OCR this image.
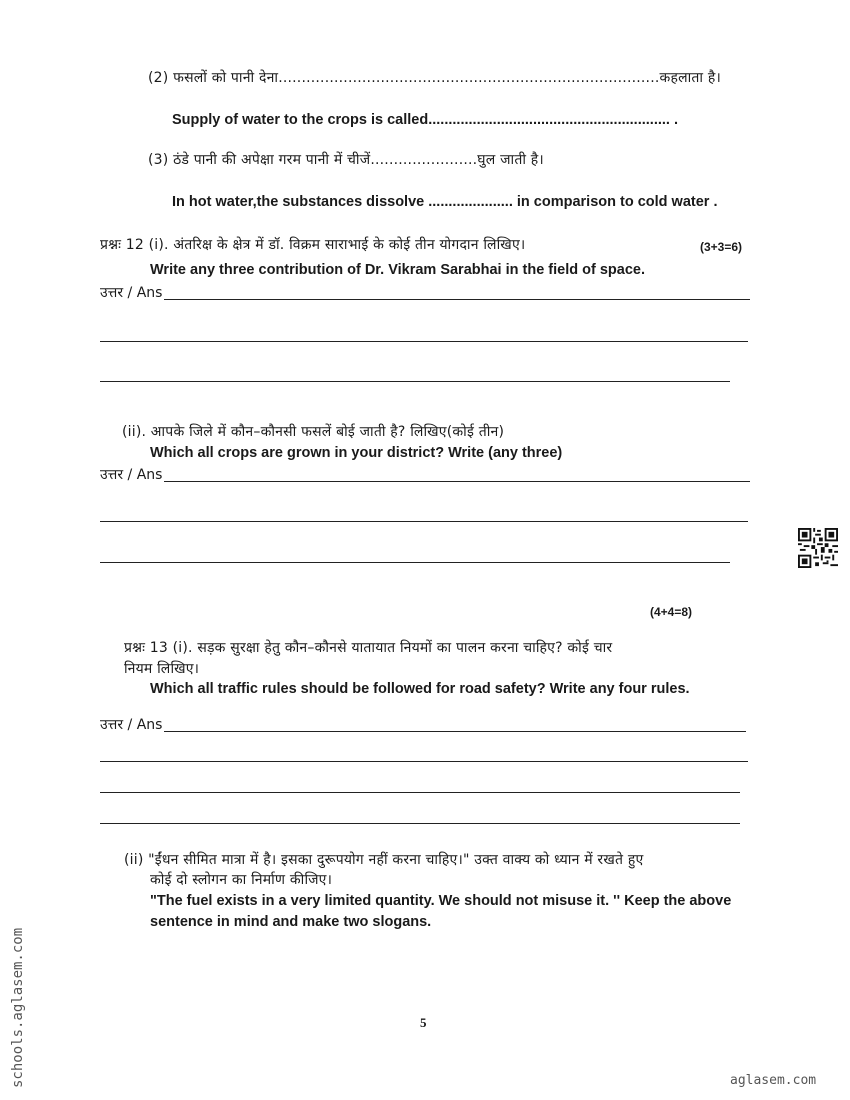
(2) फसलों को पानी देना..................................................................................कहलाता है।
Supply of water to the crops is called............................................................ .
(3) ठंडे पानी की अपेक्षा गरम पानी में चीजें.......................घुल जाती है।
In hot water,the substances dissolve ..................... in comparison to cold water .
प्रश्नः 12 (i). अंतरिक्ष के क्षेत्र में डॉ. विक्रम साराभाई के कोई तीन योगदान लिखिए।	(3+3=6)
Write any three contribution of Dr. Vikram Sarabhai in the field of space.
उत्तर / Ans
(ii). आपके जिले में कौन–कौनसी फसलें बोई जाती है? लिखिए(कोई तीन)
Which all crops are grown in your district? Write (any three)
उत्तर / Ans
(4+4=8)
प्रश्नः 13 (i). सड़क सुरक्षा हेतु कौन–कौनसे यातायात नियमों का पालन करना चाहिए? कोई चार
नियम लिखिए।
Which all traffic rules should be followed for road safety? Write any four rules.
उत्तर / Ans
(ii) "ईंधन सीमित मात्रा में है। इसका दुरूपयोग नहीं करना चाहिए।" उक्त वाक्य को ध्यान में रखते हुए
कोई दो स्लोगन का निर्माण कीजिए।
"The fuel exists in a very limited quantity. We should not misuse it. '' Keep the above
sentence in mind and make two slogans.
5
aglasem.com
schools.aglasem.com
